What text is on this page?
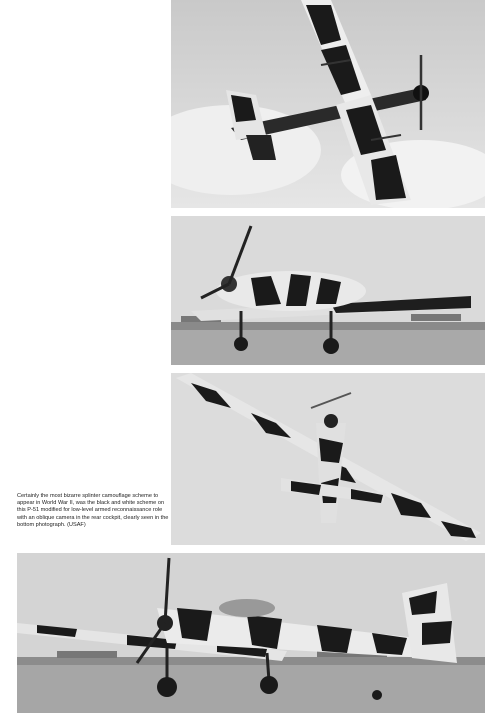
Certainly the most bizarre splinter camouflage scheme to appear in World War II, was the black and white scheme on this P-51 modified for low-level armed reconnaissance role with an oblique camera in the rear cockpit, clearly seen in the bottom photograph. (USAF)
